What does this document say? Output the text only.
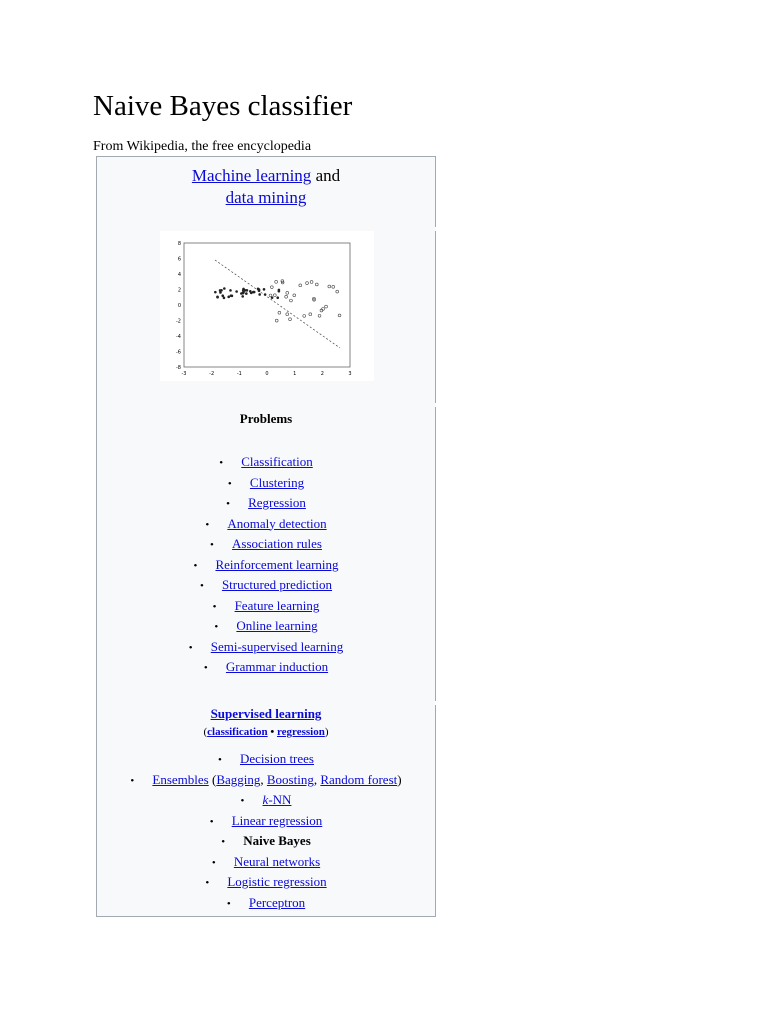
Naive Bayes classifier
From Wikipedia, the free encyclopedia
Machine learning and
data mining
8
6
4
2
0
-2
-4
-6
-8
-3	-2	-1	0	1	2	3
Problems
• Classification
• Clustering
• Regression
• Anomaly detection
• Association rules
• Reinforcement learning
• Structured prediction
• Feature learning
• Online learning
• Semi-supervised learning
• Grammar induction
Supervised learning
(classification • regression)
• Decision trees
• Ensembles (Bagging, Boosting, Random forest)
• k-NN
• Linear regression
• Naive Bayes
• Neural networks
• Logistic regression
• Perceptron
